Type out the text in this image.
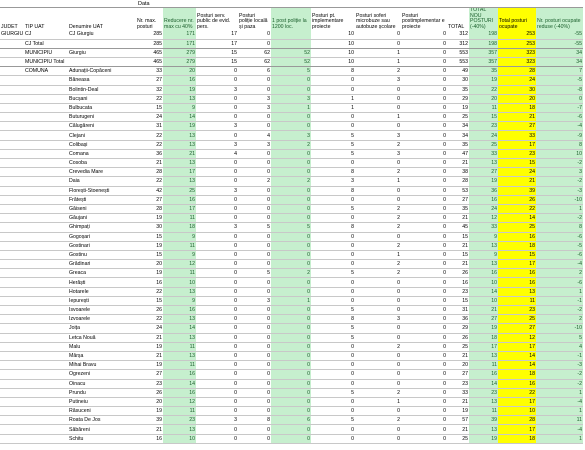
Data
JUDET	TIP UAT	Denumire UAT	Nr. max. posturi	Reducere nr. max cu 40%	Posturi serv. public de evid. pers.	Posturi poliție locală și paza	1 post poliție la 1200 loc.	Posturi pt. implementare proiecte	Posturi soferi microbuze sau autobuze școlare	Posturi postimplementar e proiecte	TOTAL	TOTAL NOU POSTURI (-40%)	Total posturi ocupate	Nr. posturi ocupate reduse (-40%)
GIURGIU	CJ	CJ Giurgiu	285	171	17	0		10	0	0	312	198	253	-55
	CJ Total		285	171	17	0		10	0	0	312	198	253	-55
	MUNICIPIU	Giurgiu	465	279	15	62	52	10	1	0	553	357	323	34
	MUNICIPIU Total		465	279	15	62	52	10	1	0	553	357	323	34
	COMUNA	Adunații-Copăceni	33	20	0	6	5	8	2	0	49	35	28	7
		Băneasa	27	16	0	0	0	0	3	0	30	19	24	-5
		Bolintin-Deal	32	19	3	0	0	0	0	0	35	22	30	-8
		Bucșani	22	13	0	3	3	1	0	0	29	20	20	0
		Bulbucata	15	9	0	3	1	1	0	0	19	11	18	-7
		Buturugeni	24	14	0	0	0	0	1	0	25	15	21	-6
		Călugăreni	31	19	3	0	0	0	0	0	34	23	27	-4
		Clejani	22	13	0	4	3	5	3	0	34	24	33	-9
		Colibași	22	13	3	3	2	5	2	0	35	25	17	8
		Comana	36	21	4	0	0	5	3	0	47	33	23	10
		Cosoba	21	13	0	0	0	0	0	0	21	13	15	-2
		Crevedia Mare	28	17	0	0	0	8	2	0	38	27	24	3
		Daia	22	13	0	2	2	3	1	0	28	19	21	-2
		Florești-Stoenești	42	25	3	0	0	8	0	0	53	36	39	-3
		Frătești	27	16	0	0	0	0	0	0	27	16	26	-10
		Găiseni	28	17	0	0	0	5	2	0	35	24	22	1
		Găujani	19	11	0	0	0	0	2	0	21	12	14	-2
		Ghimpați	30	18	3	5	5	8	2	0	45	33	25	8
		Gogoșari	15	9	0	0	0	0	0	0	15	9	16	-6
		Gostinari	19	11	0	0	0	0	2	0	21	13	18	-5
		Gostinu	15	9	0	0	0	0	1	0	15	9	15	-6
		Grădinari	20	12	0	0	0	0	2	0	21	13	17	-4
		Greaca	19	11	0	5	2	5	2	0	26	16	16	2
		Herăști	16	10	0	0	0	0	0	0	16	10	16	-6
		Hotarele	22	13	0	0	0	0	0	0	23	14	13	1
		Iepurești	15	9	0	3	1	0	0	0	15	10	11	-1
		Isvoarele	26	16	0	0	0	5	0	0	31	21	23	-2
		Izvoarele	22	13	0	0	0	8	3	0	36	27	25	2
		Joița	24	14	0	0	0	5	0	0	29	19	27	-10
		Letca Nouă	21	13	0	0	0	5	0	0	26	18	12	5
		Malu	19	11	0	0	0	0	2	0	25	17	17	4
		Mârșa	21	13	0	0	0	0	0	0	21	13	14	-1
		Mihai Bravu	19	11	0	0	0	0	0	0	20	11	14	-3
		Ogrezeni	27	16	0	0	0	0	0	0	27	16	18	-2
		Oinacu	23	14	0	0	0	0	0	0	23	14	16	-2
		Prundu	26	16	0	0	0	5	2	0	33	23	22	1
		Putineiu	20	12	0	0	0	0	1	0	21	13	17	-4
		Răsuceni	19	11	0	0	0	0	0	0	19	11	10	1
		Roata De Jos	39	23	3	8	6	5	2	0	57	39	28	11
		Săbăreni	21	13	0	0	0	0	0	0	21	13	17	-4
		Schitu	16	10	0	0	0	0	0	0	25	19	18	1
